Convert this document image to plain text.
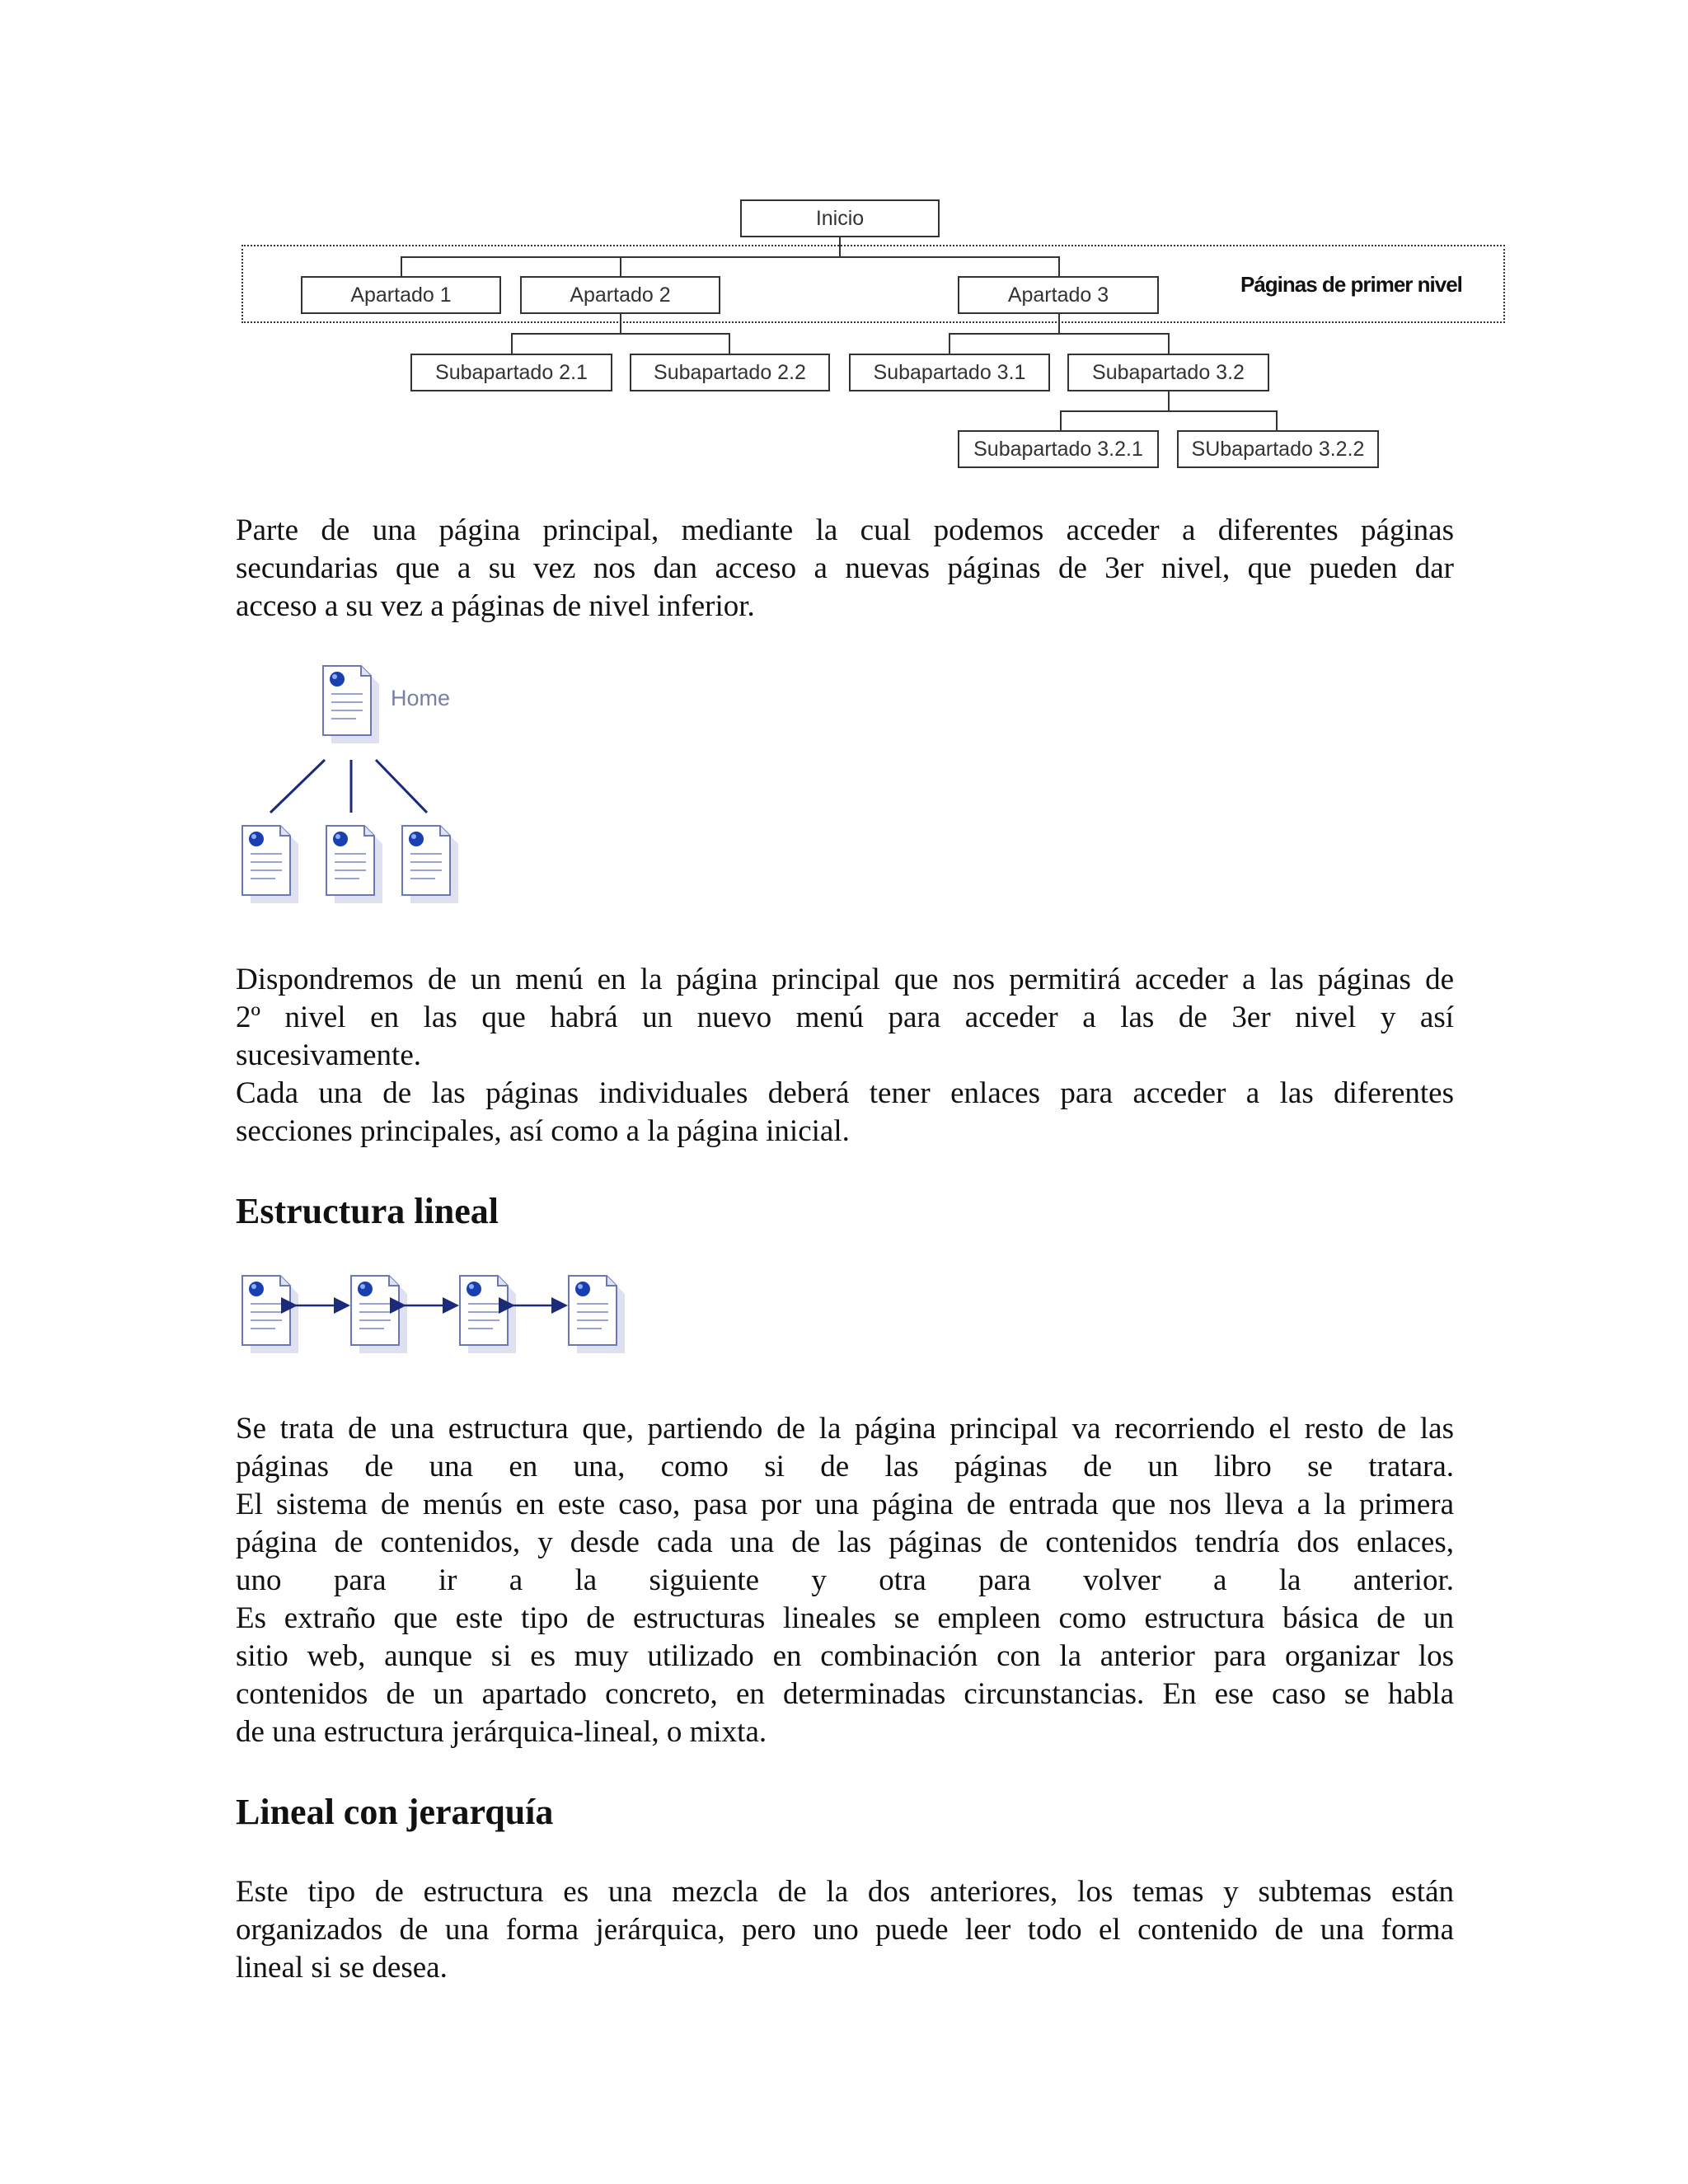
Inicio
Apartado 1	Apartado 2	Apartado 3	Páginas de primer nivel
Subapartado 2.1	Subapartado 2.2	Subapartado 3.1	Subapartado 3.2
Subapartado 3.2.1	SUbapartado 3.2.2

Parte de una página principal, mediante la cual podemos acceder a diferentes páginas
secundarias que a su vez nos dan acceso a nuevas páginas de 3er nivel, que pueden dar
acceso a su vez a páginas de nivel inferior.

Home

Dispondremos de un menú en la página principal que nos permitirá acceder a las páginas de
2º nivel en las que habrá un nuevo menú para acceder a las de 3er nivel y así
sucesivamente.
Cada una de las páginas individuales deberá tener enlaces para acceder a las diferentes
secciones principales, así como a la página inicial.

Estructura lineal

Se trata de una estructura que, partiendo de la página principal va recorriendo el resto de las
páginas de una en una, como si de las páginas de un libro se tratara.
El sistema de menús en este caso, pasa por una página de entrada que nos lleva a la primera
página de contenidos, y desde cada una de las páginas de contenidos tendría dos enlaces,
uno para ir a la siguiente y otra para volver a la anterior.
Es extraño que este tipo de estructuras lineales se empleen como estructura básica de un
sitio web, aunque si es muy utilizado en combinación con la anterior para organizar los
contenidos de un apartado concreto, en determinadas circunstancias. En ese caso se habla
de una estructura jerárquica-lineal, o mixta.

Lineal con jerarquía

Este tipo de estructura es una mezcla de la dos anteriores, los temas y subtemas están
organizados de una forma jerárquica, pero uno puede leer todo el contenido de una forma
lineal si se desea.
